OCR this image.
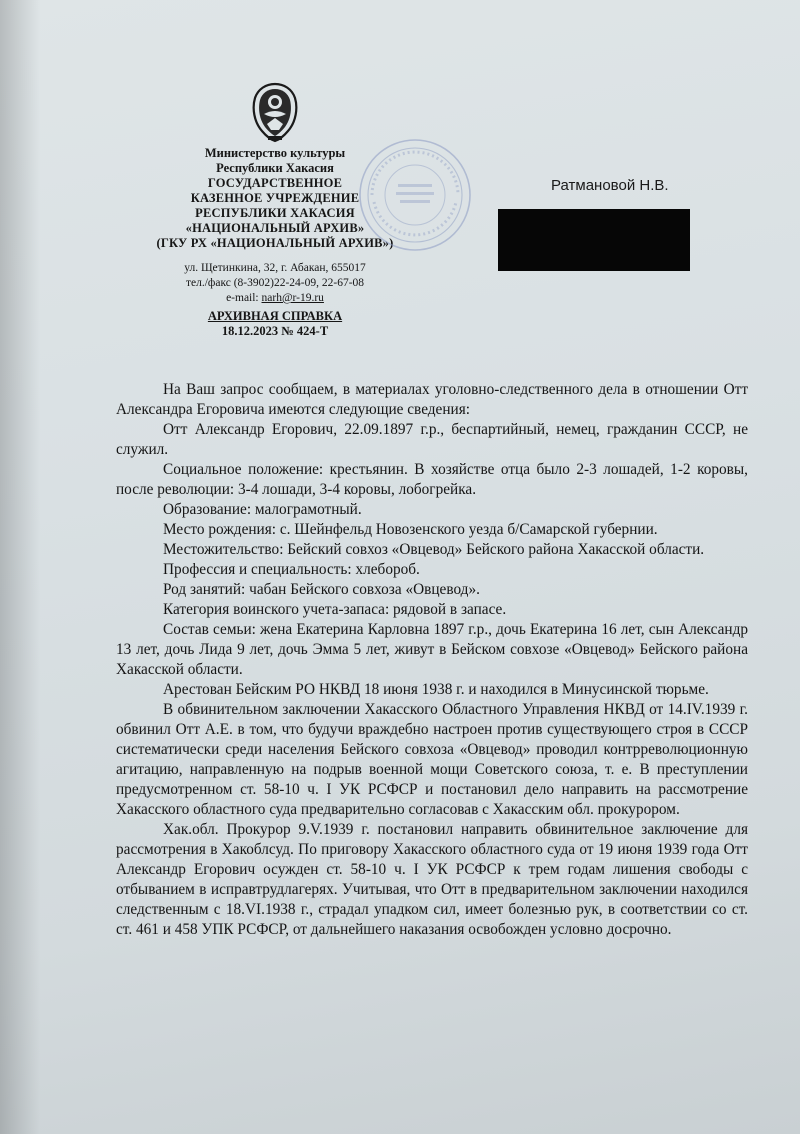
Министерство культуры

Республики Хакасия

ГОСУДАРСТВЕННОЕ

КАЗЕННОЕ УЧРЕЖДЕНИЕ

РЕСПУБЛИКИ ХАКАСИЯ

«НАЦИОНАЛЬНЫЙ АРХИВ»

(ГКУ РХ «НАЦИОНАЛЬНЫЙ АРХИВ»)

ул. Щетинкина, 32, г. Абакан, 655017

тел./факс (8-3902)22-24-09, 22-67-08

e-mail: narh@r-19.ru

АРХИВНАЯ СПРАВКА
18.12.2023 № 424-Т
Ратмановой Н.В.

На Ваш запрос сообщаем, в материалах уголовно-следственного дела в отношении Отт Александра Егоровича имеются следующие сведения:

Отт Александр Егорович, 22.09.1897 г.р., беспартийный, немец, гражданин СССР, не служил.

Социальное положение: крестьянин. В хозяйстве отца было 2-3 лошадей, 1-2 коровы, после революции: 3-4 лошади, 3-4 коровы, лобогрейка.

Образование: малограмотный.

Место рождения: с. Шейнфельд Новозенского уезда б/Самарской губернии.

Местожительство: Бейский совхоз «Овцевод» Бейского района Хакасской области.

Профессия и специальность: хлебороб.

Род занятий: чабан Бейского совхоза «Овцевод».

Категория воинского учета-запаса: рядовой в запасе.

Состав семьи: жена Екатерина Карловна 1897 г.р., дочь Екатерина 16 лет, сын Александр 13 лет, дочь Лида 9 лет, дочь Эмма 5 лет, живут в Бейском совхозе «Овцевод» Бейского района Хакасской области.

Арестован Бейским РО НКВД 18 июня 1938 г. и находился в Минусинской тюрьме.

В обвинительном заключении Хакасского Областного Управления НКВД от 14.IV.1939 г. обвинил Отт А.Е. в том, что будучи враждебно настроен против существующего строя в СССР систематически среди населения Бейского совхоза «Овцевод» проводил контрреволюционную агитацию, направленную на подрыв военной мощи Советского союза, т. е. В преступлении предусмотренном ст. 58-10 ч. I УК РСФСР и постановил дело направить на рассмотрение Хакасского областного суда предварительно согласовав с Хакасским обл. прокурором.

Хак.обл. Прокурор 9.V.1939 г. постановил направить обвинительное заключение для рассмотрения в Хакоблсуд. По приговору Хакасского областного суда от 19 июня 1939 года Отт Александр Егорович осужден ст. 58-10 ч. I УК РСФСР к трем годам лишения свободы с отбыванием в исправтрудлагерях. Учитывая, что Отт в предварительном заключении находился следственным с 18.VI.1938 г., страдал упадком сил, имеет болезнью рук, в соответствии со ст. ст. 461 и 458 УПК РСФСР, от дальнейшего наказания освобожден условно досрочно.
